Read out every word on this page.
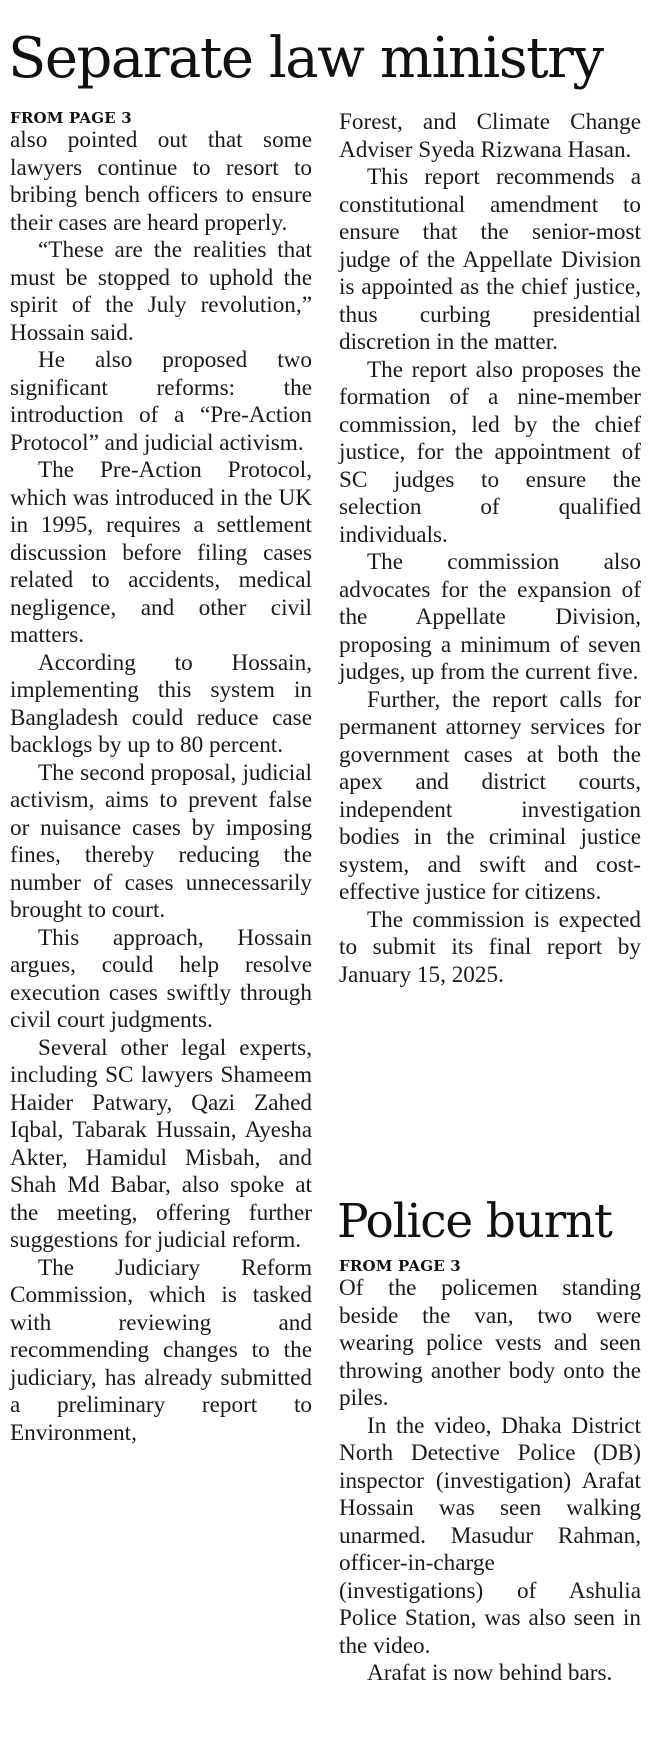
Separate law ministry

FROM PAGE 3

also pointed out that some lawyers continue to resort to bribing bench officers to ensure their cases are heard properly.

“These are the realities that must be stopped to uphold the spirit of the July revolution,” Hossain said.

He also proposed two significant reforms: the introduction of a “Pre-Action Protocol” and judicial activism.

The Pre-Action Protocol, which was introduced in the UK in 1995, requires a settlement discussion before filing cases related to accidents, medical negligence, and other civil matters.

According to Hossain, implementing this system in Bangladesh could reduce case backlogs by up to 80 percent.

The second proposal, judicial activism, aims to prevent false or nuisance cases by imposing fines, thereby reducing the number of cases unnecessarily brought to court.

This approach, Hossain argues, could help resolve execution cases swiftly through civil court judgments.

Several other legal experts, including SC lawyers Shameem Haider Patwary, Qazi Zahed Iqbal, Tabarak Hussain, Ayesha Akter, Hamidul Misbah, and Shah Md Babar, also spoke at the meeting, offering further suggestions for judicial reform.

The Judiciary Reform Commission, which is tasked with reviewing and recommending changes to the judiciary, has already submitted a preliminary report to Environment,

Forest, and Climate Change Adviser Syeda Rizwana Hasan.

This report recommends a constitutional amendment to ensure that the senior-most judge of the Appellate Division is appointed as the chief justice, thus curbing presidential discretion in the matter.

The report also proposes the formation of a nine-member commission, led by the chief justice, for the appointment of SC judges to ensure the selection of qualified individuals.

The commission also advocates for the expansion of the Appellate Division, proposing a minimum of seven judges, up from the current five.

Further, the report calls for permanent attorney services for government cases at both the apex and district courts, independent investigation bodies in the criminal justice system, and swift and cost-effective justice for citizens.

The commission is expected to submit its final report by January 15, 2025.

Police burnt

FROM PAGE 3

Of the policemen standing beside the van, two were wearing police vests and seen throwing another body onto the piles.

In the video, Dhaka District North Detective Police (DB) inspector (investigation) Arafat Hossain was seen walking unarmed. Masudur Rahman, officer-in-charge (investigations) of Ashulia Police Station, was also seen in the video.

Arafat is now behind bars.
